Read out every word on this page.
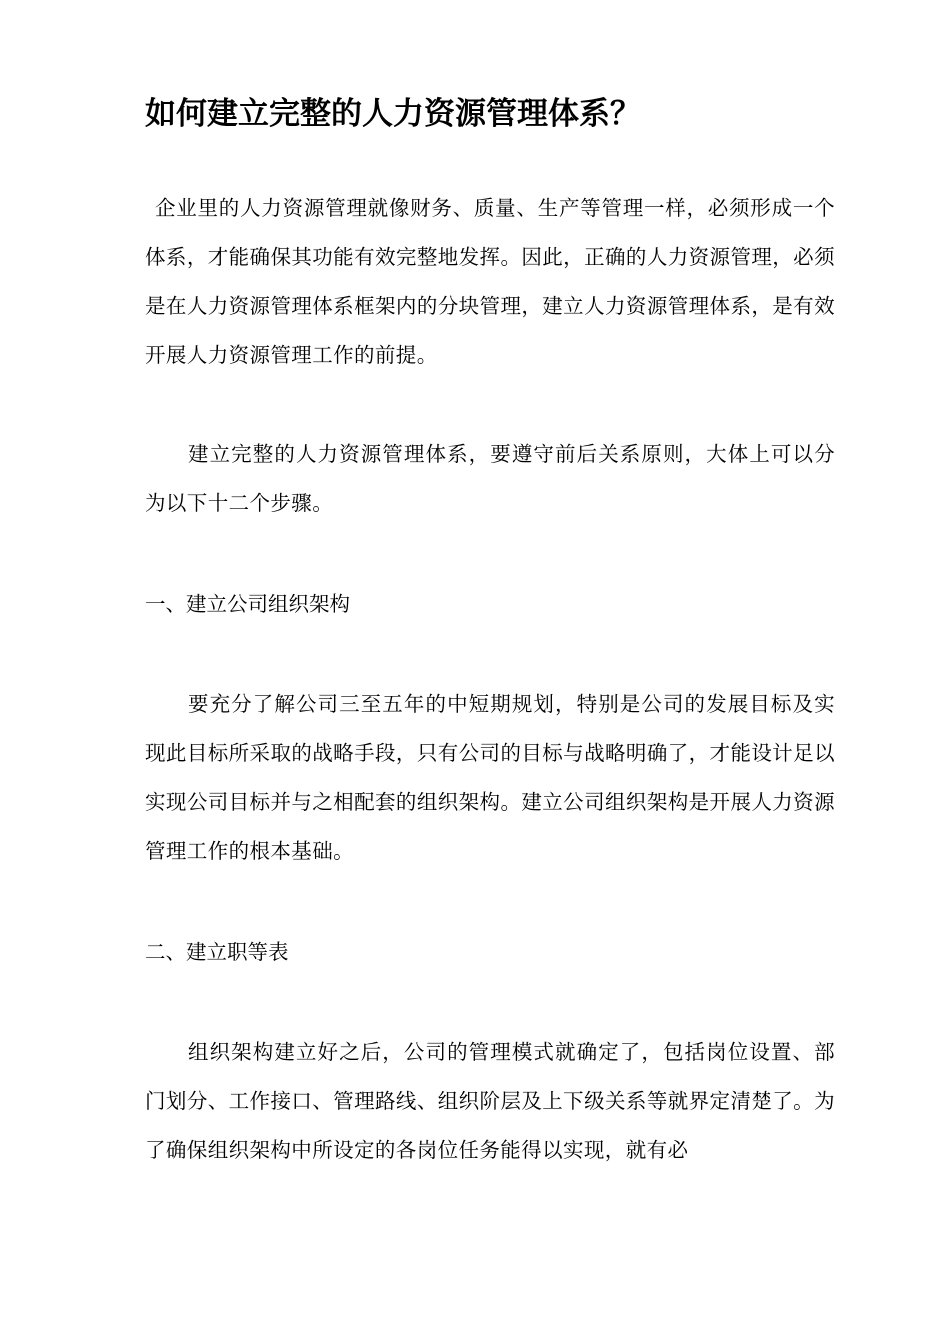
如何建立完整的人力资源管理体系？

企业里的人力资源管理就像财务、质量、生产等管理一样，必须形成一个体系，才能确保其功能有效完整地发挥。因此，正确的人力资源管理，必须是在人力资源管理体系框架内的分块管理，建立人力资源管理体系，是有效开展人力资源管理工作的前提。

建立完整的人力资源管理体系，要遵守前后关系原则，大体上可以分为以下十二个步骤。

一、建立公司组织架构

要充分了解公司三至五年的中短期规划，特别是公司的发展目标及实现此目标所采取的战略手段，只有公司的目标与战略明确了，才能设计足以实现公司目标并与之相配套的组织架构。建立公司组织架构是开展人力资源管理工作的根本基础。

二、建立职等表

组织架构建立好之后，公司的管理模式就确定了，包括岗位设置、部门划分、工作接口、管理路线、组织阶层及上下级关系等就界定清楚了。为了确保组织架构中所设定的各岗位任务能得以实现，就有必
